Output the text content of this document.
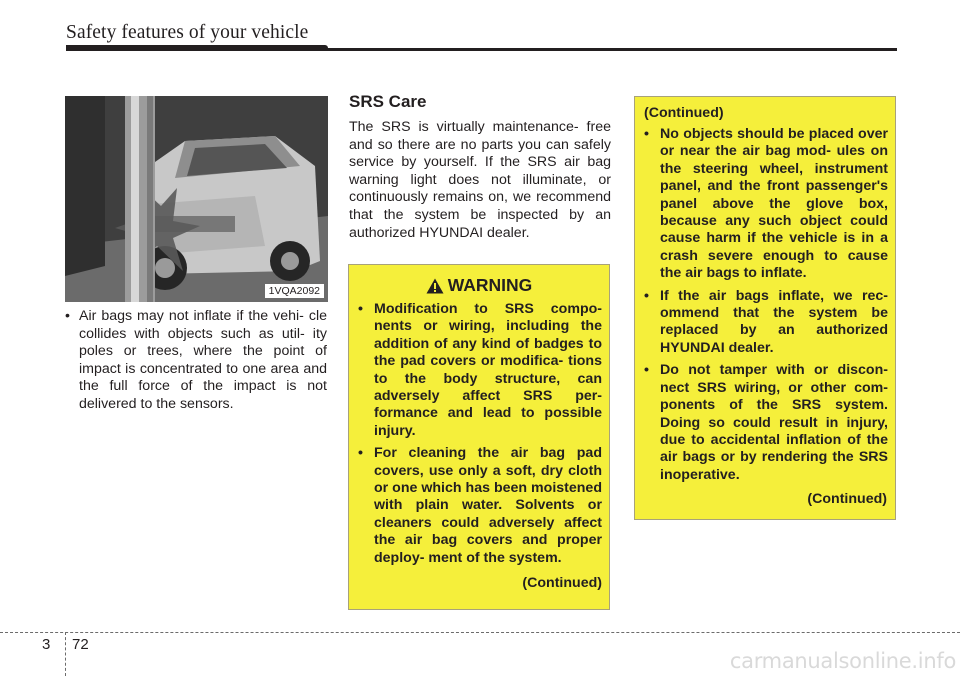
Safety features of your vehicle
1VQA2092
• Air bags may not inflate if the vehi- cle collides with objects such as util- ity poles or trees, where the point of impact is concentrated to one area and the full force of the impact is not delivered to the sensors.
SRS Care

The SRS is virtually maintenance- free and so there are no parts you can safely service by yourself. If the SRS air bag warning light does not illuminate, or continuously remains on, we recommend that the system be inspected by an authorized HYUNDAI dealer.

WARNING
• Modification to SRS compo- nents or wiring, including the addition of any kind of badges to the pad covers or modifica- tions to the body structure, can adversely affect SRS per- formance and lead to possible injury.
• For cleaning the air bag pad covers, use only a soft, dry cloth or one which has been moistened with plain water. Solvents or cleaners could adversely affect the air bag covers and proper deploy- ment of the system.
(Continued)
(Continued)
• No objects should be placed over or near the air bag mod- ules on the steering wheel, instrument panel, and the front passenger's panel above the glove box, because any such object could cause harm if the vehicle is in a crash severe enough to cause the air bags to inflate.
• If the air bags inflate, we rec- ommend that the system be replaced by an authorized HYUNDAI dealer.
• Do not tamper with or discon- nect SRS wiring, or other com- ponents of the SRS system. Doing so could result in injury, due to accidental inflation of the air bags or by rendering the SRS inoperative.
(Continued)
3 72
carmanualsonline.info
